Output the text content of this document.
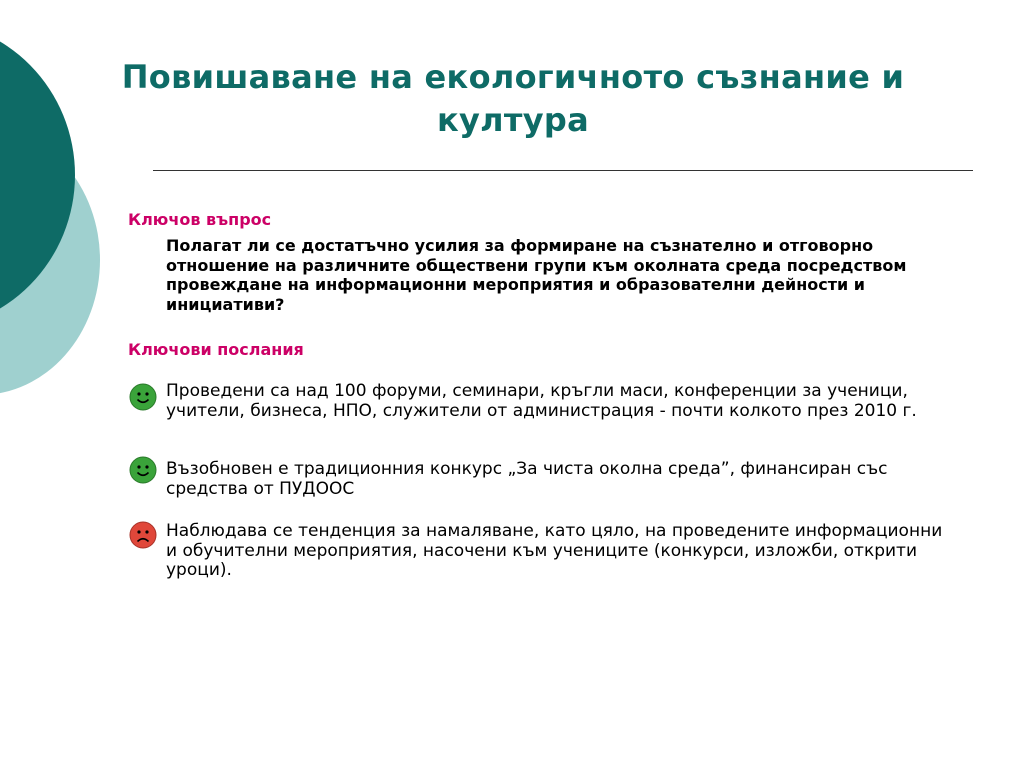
Повишаване на екологичното съзнание и култура
Ключов въпрос

Полагат ли се достатъчно усилия за формиране на съзнателно и отговорно отношение на различните обществени групи към околната среда посредством провеждане на информационни мероприятия и образователни дейности и инициативи?

Ключови послания

Проведени са над 100 форуми, семинари, кръгли маси, конференции за ученици, учители, бизнеса, НПО, служители от администрация - почти колкото през 2010 г.

Възобновен е традиционния конкурс „За чиста околна среда”, финансиран със средства от ПУДООС

Наблюдава се тенденция за намаляване, като цяло, на проведените информационни и обучителни мероприятия, насочени към учениците (конкурси, изложби, открити уроци).
